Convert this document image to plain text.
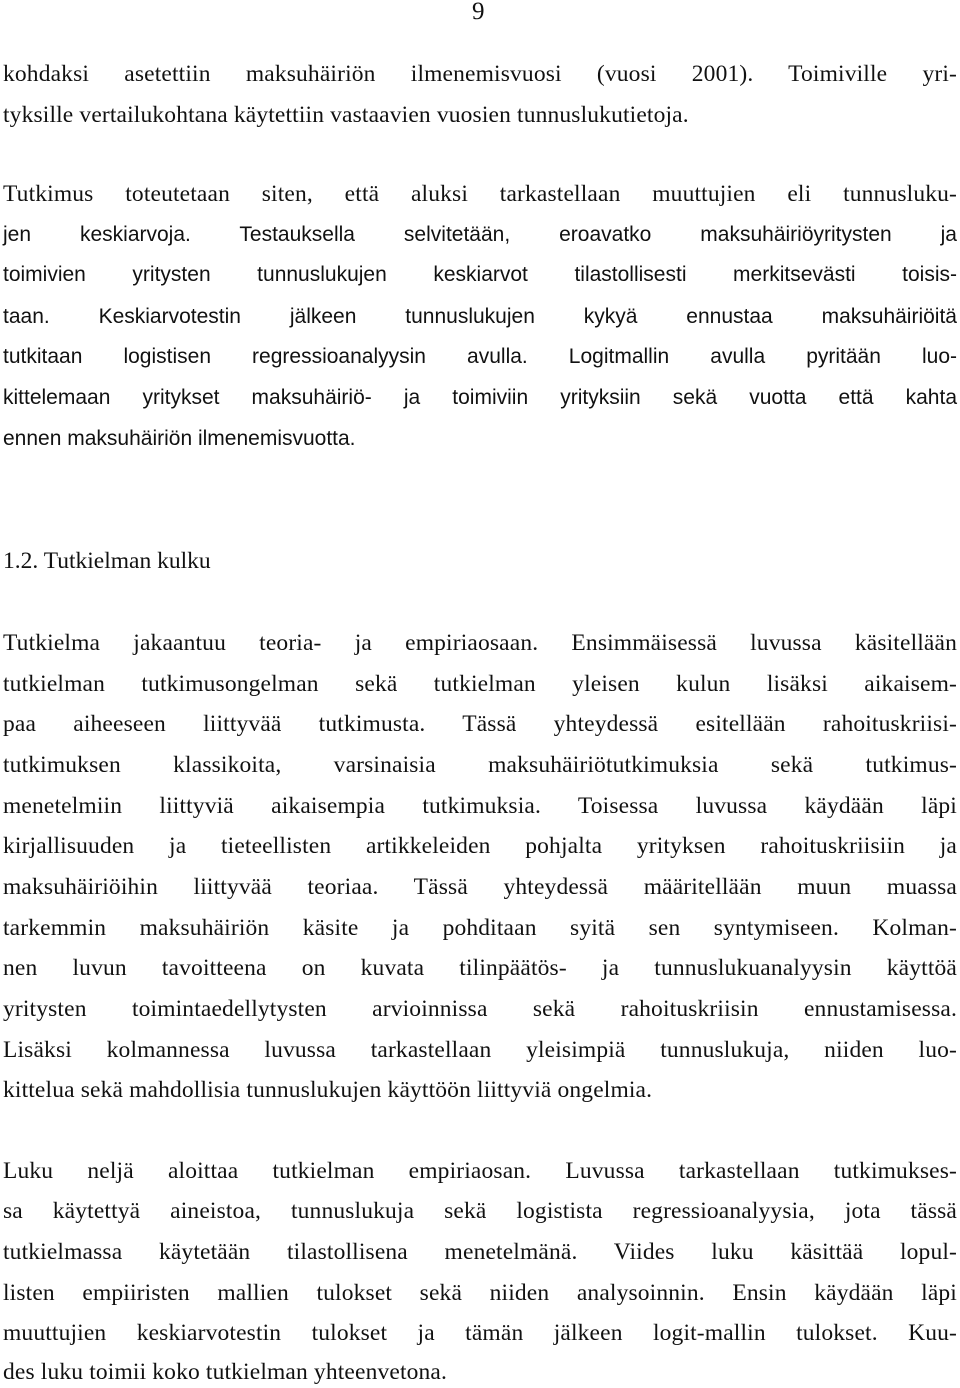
9
kohdaksi asetettiin maksuhäiriön ilmenemisvuosi (vuosi 2001). Toimiville yri-
tyksille vertailukohtana käytettiin vastaavien vuosien tunnuslukutietoja.
Tutkimus toteutetaan siten, että aluksi tarkastellaan muuttujien eli tunnusluku-
jen keskiarvoja. Testauksella selvitetään, eroavatko maksuhäiriöyritysten ja
toimivien yritysten tunnuslukujen keskiarvot tilastollisesti merkitsevästi toisis-
taan. Keskiarvotestin jälkeen tunnuslukujen kykyä ennustaa maksuhäiriöitä
tutkitaan logistisen regressioanalyysin avulla. Logitmallin avulla pyritään luo-
kittelemaan yritykset maksuhäiriö- ja toimiviin yrityksiin sekä vuotta että kahta
ennen maksuhäiriön ilmenemisvuotta.
1.2. Tutkielman kulku
Tutkielma jakaantuu teoria- ja empiriaosaan. Ensimmäisessä luvussa käsitellään
tutkielman tutkimusongelman sekä tutkielman yleisen kulun lisäksi aikaisem-
paa aiheeseen liittyvää tutkimusta. Tässä yhteydessä esitellään rahoituskriisi-
tutkimuksen klassikoita, varsinaisia maksuhäiriötutkimuksia sekä tutkimus-
menetelmiin liittyviä aikaisempia tutkimuksia. Toisessa luvussa käydään läpi
kirjallisuuden ja tieteellisten artikkeleiden pohjalta yrityksen rahoituskriisiin ja
maksuhäiriöihin liittyvää teoriaa. Tässä yhteydessä määritellään muun muassa
tarkemmin maksuhäiriön käsite ja pohditaan syitä sen syntymiseen. Kolman-
nen luvun tavoitteena on kuvata tilinpäätös- ja tunnuslukuanalyysin käyttöä
yritysten toimintaedellytysten arvioinnissa sekä rahoituskriisin ennustamisessa.
Lisäksi kolmannessa luvussa tarkastellaan yleisimpiä tunnuslukuja, niiden luo-
kittelua sekä mahdollisia tunnuslukujen käyttöön liittyviä ongelmia.
Luku neljä aloittaa tutkielman empiriaosan. Luvussa tarkastellaan tutkimukses-
sa käytettyä aineistoa, tunnuslukuja sekä logistista regressioanalyysia, jota tässä
tutkielmassa käytetään tilastollisena menetelmänä. Viides luku käsittää lopul-
listen empiiristen mallien tulokset sekä niiden analysoinnin. Ensin käydään läpi
muuttujien keskiarvotestin tulokset ja tämän jälkeen logit-mallin tulokset. Kuu-
des luku toimii koko tutkielman yhteenvetona.
